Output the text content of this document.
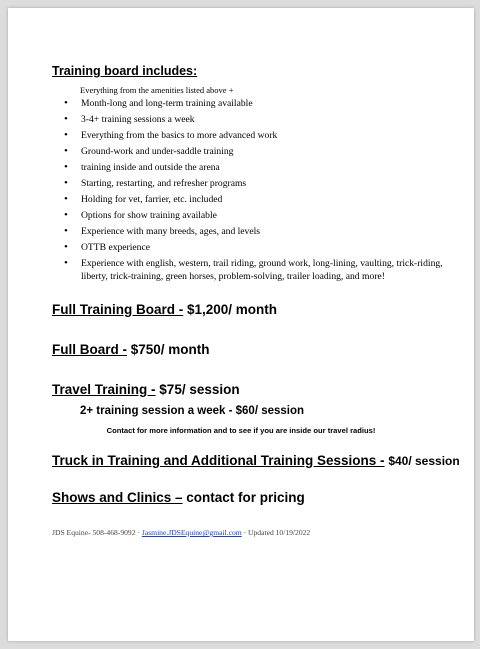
Training board includes:
Everything from the amenities listed above +
• Month-long and long-term training available
• 3-4+ training sessions a week
• Everything from the basics to more advanced work
• Ground-work and under-saddle training
• training inside and outside the arena
• Starting, restarting, and refresher programs
• Holding for vet, farrier, etc. included
• Options for show training available
• Experience with many breeds, ages, and levels
• OTTB experience
• Experience with english, western, trail riding, ground work, long-lining, vaulting, trick-riding, liberty, trick-training, green horses, problem-solving, trailer loading, and more!
Full Training Board - $1,200/ month
Full Board - $750/ month
Travel Training - $75/ session
2+ training session a week - $60/ session
Contact for more information and to see if you are inside our travel radius!
Truck in Training and Additional Training Sessions - $40/ session
Shows and Clinics – contact for pricing
JDS Equine- 508-468-9092 · Jasmine.JDSEquine@gmail.com · Updated 10/19/2022
